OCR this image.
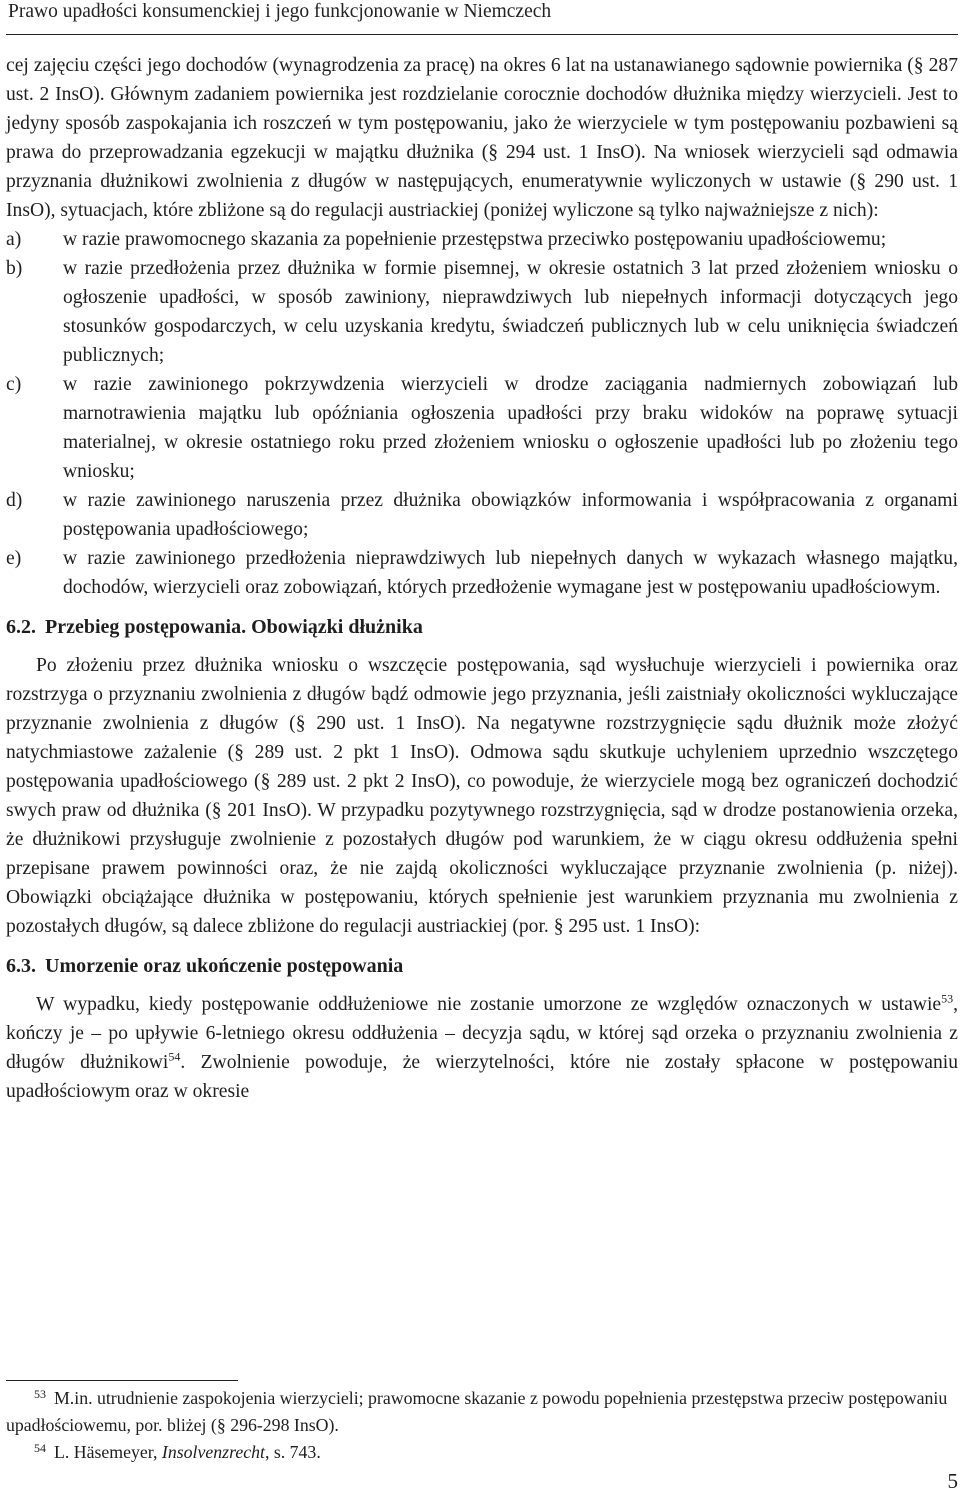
Prawo upadłości konsumenckiej i jego funkcjonowanie w Niemczech

cej zajęciu części jego dochodów (wynagrodzenia za pracę) na okres 6 lat na ustanawianego sądownie powiernika (§ 287 ust. 2 InsO). Głównym zadaniem powiernika jest rozdzielanie corocznie dochodów dłużnika między wierzycieli. Jest to jedyny sposób zaspokajania ich roszczeń w tym postępowaniu, jako że wierzyciele w tym postępowaniu pozbawieni są prawa do przeprowadzania egzekucji w majątku dłużnika (§ 294 ust. 1 InsO). Na wniosek wierzycieli sąd odmawia przyznania dłużnikowi zwolnienia z długów w następujących, enumeratywnie wyliczonych w ustawie (§ 290 ust. 1 InsO), sytuacjach, które zbliżone są do regulacji austriackiej (poniżej wyliczone są tylko najważniejsze z nich):

a) w razie prawomocnego skazania za popełnienie przestępstwa przeciwko postępowaniu upadłościowemu;
b) w razie przedłożenia przez dłużnika w formie pisemnej, w okresie ostatnich 3 lat przed złożeniem wniosku o ogłoszenie upadłości, w sposób zawiniony, nieprawdziwych lub niepełnych informacji dotyczących jego stosunków gospodarczych, w celu uzyskania kredytu, świadczeń publicznych lub w celu uniknięcia świadczeń publicznych;
c) w razie zawinionego pokrzywdzenia wierzycieli w drodze zaciągania nadmiernych zobowiązań lub marnotrawienia majątku lub opóźniania ogłoszenia upadłości przy braku widoków na poprawę sytuacji materialnej, w okresie ostatniego roku przed złożeniem wniosku o ogłoszenie upadłości lub po złożeniu tego wniosku;
d) w razie zawinionego naruszenia przez dłużnika obowiązków informowania i współpracowania z organami postępowania upadłościowego;
e) w razie zawinionego przedłożenia nieprawdziwych lub niepełnych danych w wykazach własnego majątku, dochodów, wierzycieli oraz zobowiązań, których przedłożenie wymagane jest w postępowaniu upadłościowym.
6.2. Przebieg postępowania. Obowiązki dłużnika

Po złożeniu przez dłużnika wniosku o wszczęcie postępowania, sąd wysłuchuje wierzycieli i powiernika oraz rozstrzyga o przyznaniu zwolnienia z długów bądź odmowie jego przyznania, jeśli zaistniały okoliczności wykluczające przyznanie zwolnienia z długów (§ 290 ust. 1 InsO). Na negatywne rozstrzygnięcie sądu dłużnik może złożyć natychmiastowe zażalenie (§ 289 ust. 2 pkt 1 InsO). Odmowa sądu skutkuje uchyleniem uprzednio wszczętego postępowania upadłościowego (§ 289 ust. 2 pkt 2 InsO), co powoduje, że wierzyciele mogą bez ograniczeń dochodzić swych praw od dłużnika (§ 201 InsO). W przypadku pozytywnego rozstrzygnięcia, sąd w drodze postanowienia orzeka, że dłużnikowi przysługuje zwolnienie z pozostałych długów pod warunkiem, że w ciągu okresu oddłużenia spełni przepisane prawem powinności oraz, że nie zajdą okoliczności wykluczające przyznanie zwolnienia (p. niżej). Obowiązki obciążające dłużnika w postępowaniu, których spełnienie jest warunkiem przyznania mu zwolnienia z pozostałych długów, są dalece zbliżone do regulacji austriackiej (por. § 295 ust. 1 InsO):

6.3. Umorzenie oraz ukończenie postępowania

W wypadku, kiedy postępowanie oddłużeniowe nie zostanie umorzone ze względów oznaczonych w ustawie$^{53}$, kończy je – po upływie 6-letniego okresu oddłużenia – decyzja sądu, w której sąd orzeka o przyznaniu zwolnienia z długów dłużnikowi$^{54}$. Zwolnienie powoduje, że wierzytelności, które nie zostały spłacone w postępowaniu upadłościowym oraz w okresie

53 M.in. utrudnienie zaspokojenia wierzycieli; prawomocne skazanie z powodu popełnienia przestępstwa przeciw postępowaniu upadłościowemu, por. bliżej (§ 296-298 InsO).

54 L. Häsemeyer, Insolvenzrecht, s. 743.

5
